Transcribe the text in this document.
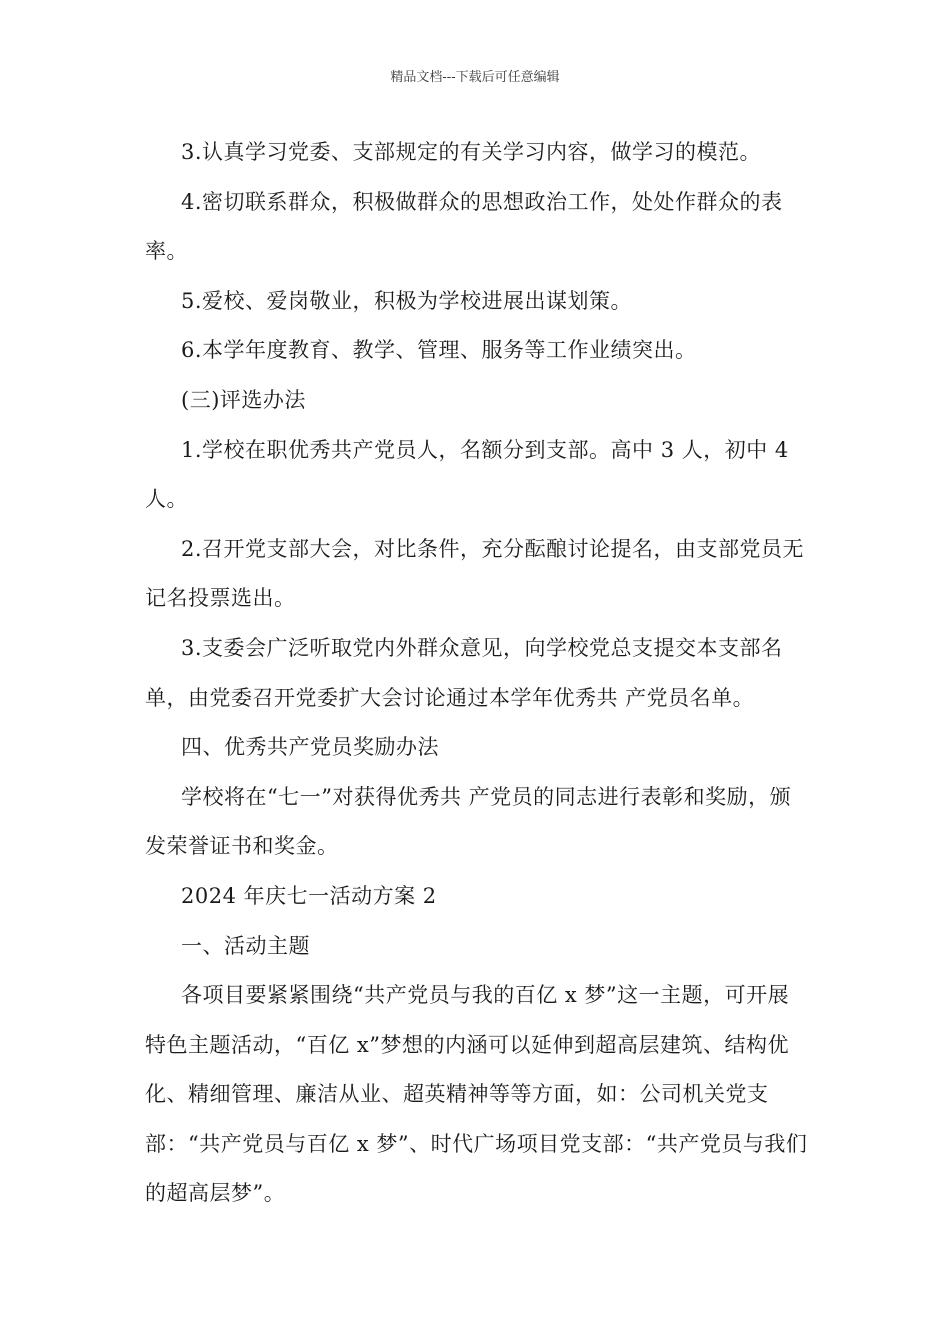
精品文档---下载后可任意编辑

3.认真学习党委、支部规定的有关学习内容，做学习的模范。

4.密切联系群众，积极做群众的思想政治工作，处处作群众的表率。

5.爱校、爱岗敬业，积极为学校进展出谋划策。

6.本学年度教育、教学、管理、服务等工作业绩突出。

(三)评选办法

1.学校在职优秀共产党员人，名额分到支部。高中 3 人，初中 4 人。

2.召开党支部大会，对比条件，充分酝酿讨论提名，由支部党员无记名投票选出。

3.支委会广泛听取党内外群众意见，向学校党总支提交本支部名单，由党委召开党委扩大会讨论通过本学年优秀共 产党员名单。

四、优秀共产党员奖励办法

学校将在“七一”对获得优秀共 产党员的同志进行表彰和奖励，颁发荣誉证书和奖金。

2024 年庆七一活动方案 2

一、活动主题

各项目要紧紧围绕“共产党员与我的百亿 x 梦”这一主题，可开展特色主题活动，“百亿 x”梦想的内涵可以延伸到超高层建筑、结构优化、精细管理、廉洁从业、超英精神等等方面，如：公司机关党支部：“共产党员与百亿 x 梦”、时代广场项目党支部：“共产党员与我们的超高层梦”。
